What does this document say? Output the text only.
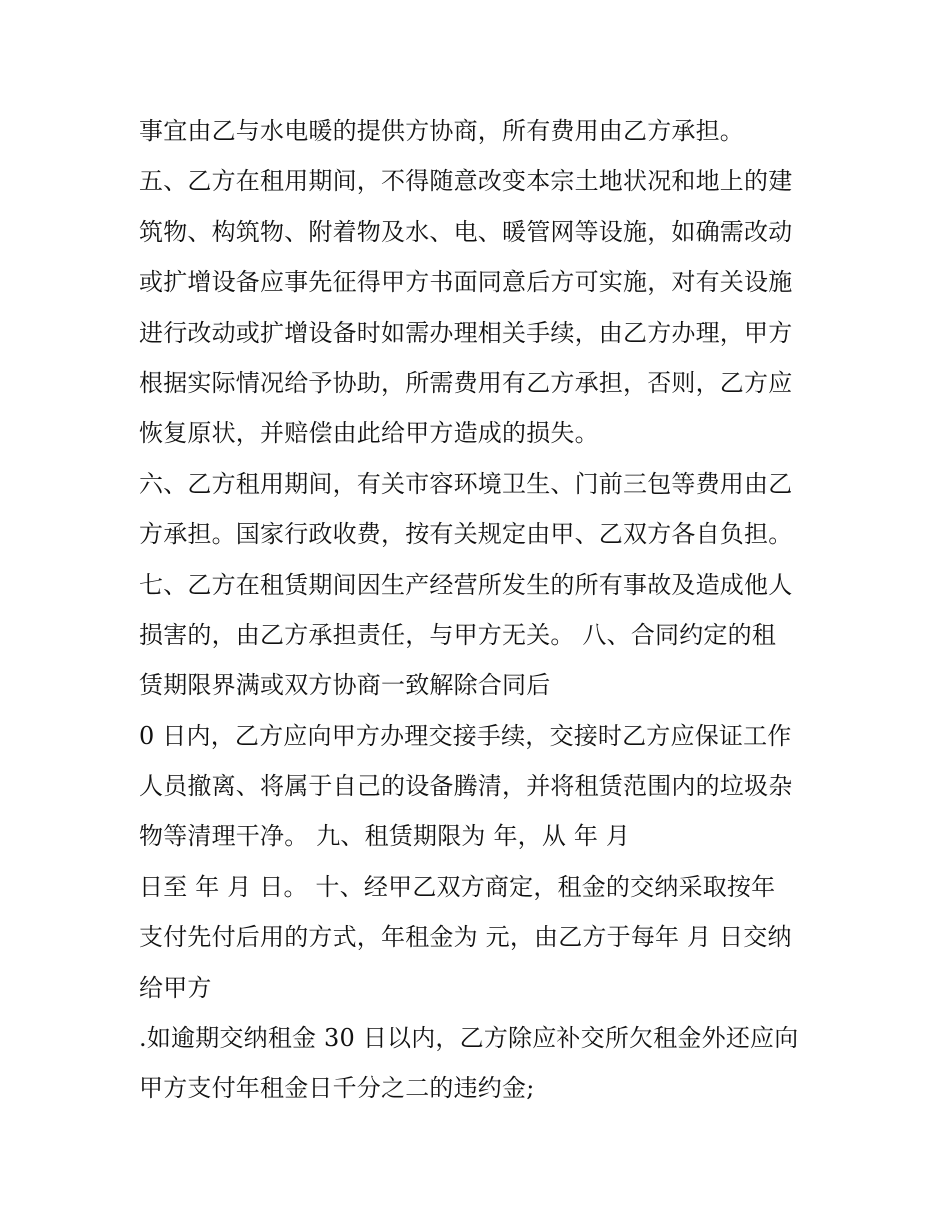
事宜由乙与水电暖的提供方协商，所有费用由乙方承担。
五、乙方在租用期间，不得随意改变本宗土地状况和地上的建
筑物、构筑物、附着物及水、电、暖管网等设施，如确需改动
或扩增设备应事先征得甲方书面同意后方可实施，对有关设施
进行改动或扩增设备时如需办理相关手续，由乙方办理，甲方
根据实际情况给予协助，所需费用有乙方承担，否则，乙方应
恢复原状，并赔偿由此给甲方造成的损失。
六、乙方租用期间，有关市容环境卫生、门前三包等费用由乙
方承担。国家行政收费，按有关规定由甲、乙双方各自负担。
七、乙方在租赁期间因生产经营所发生的所有事故及造成他人
损害的，由乙方承担责任，与甲方无关。 八、合同约定的租
赁期限界满或双方协商一致解除合同后
0 日内，乙方应向甲方办理交接手续，交接时乙方应保证工作
人员撤离、将属于自己的设备腾清，并将租赁范围内的垃圾杂
物等清理干净。 九、租赁期限为 年，从 年 月
日至 年 月 日。 十、经甲乙双方商定，租金的交纳采取按年
支付先付后用的方式，年租金为 元，由乙方于每年 月 日交纳
给甲方
.如逾期交纳租金 30 日以内，乙方除应补交所欠租金外还应向
甲方支付年租金日千分之二的违约金;
